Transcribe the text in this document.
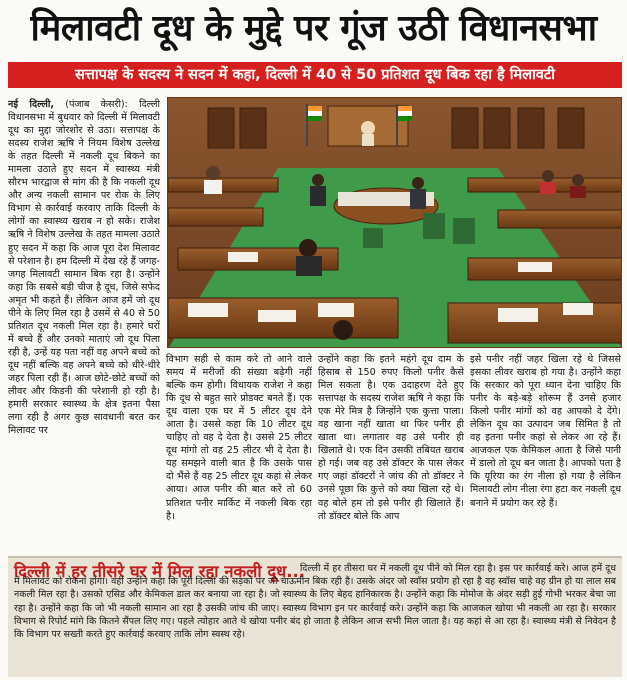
मिलावटी दूध के मुद्दे पर गूंज उठी विधानसभा
सत्तापक्ष के सदस्य ने सदन में कहा, दिल्ली में 40 से 50 प्रतिशत दूध बिक रहा है मिलावटी

नई दिल्ली, (पंजाब केसरी): दिल्ली विधानसभा में बुधवार को दिल्ली में मिलावटी दूध का मुद्दा जोरशोर से उठा। सत्तापक्ष के सदस्य राजेश ऋषि ने नियम विशेष उल्लेख के तहत दिल्ली में नकली दूध बिकने का मामला उठाते हुए सदन में स्वास्थ्य मंत्री सौरभ भारद्वाज से मांग की है कि नकली दूध और अन्य नकली सामान पर रोक के लिए विभाग से कार्रवाई करवाए ताकि दिल्ली के लोगों का स्वास्थ्य खराब न हो सके। राजेश ऋषि ने विशेष उल्लेख के तहत मामला उठाते हुए सदन में कहा कि आज पूरा देश मिलावट से परेशान है। हम दिल्ली में देख रहे हैं जगह-जगह मिलावटी सामान बिक रहा है। उन्होंने कहा कि सबसे बड़ी चीज है दूध, जिसे सफेद अमृत भी कहते हैं। लेकिन आज हमें जो दूध पीने के लिए मिल रहा है उसमें से 40 से 50 प्रतिशत दूध नकली मिल रहा है। हमारे घरों में बच्चे हैं और उनको माताएं जो दूध पिला रही है, उन्हें यह पता नहीं वह अपने बच्चे को दूध नहीं बल्कि वह अपने बच्चे को धीरे-धीरे जहर पिला रही हैं। आज छोटे-छोटे बच्चों को लीवर और किडनी की परेशानी हो रही है। हमारी सरकार स्वास्थ्य के क्षेत्र इतना पैसा लगा रही है अगर कुछ सावधानी बरत कर मिलावट पर

विभाग सही से काम करे तो आने वाले समय में मरीजों की संख्या बढ़ेगी नहीं बल्कि कम होगी। विधायक राजेश ने कहा कि दूध से बहुत सारे प्रोडक्ट बनते हैं। एक दूध वाला एक घर में 5 लीटर दूध देने आता है। उससे कहा कि 10 लीटर दूध चाहिए तो वह दे देता है। उससे 25 लीटर दूध मांगो तो वह 25 लीटर भी दे देता है। यह समझने वाली बात है कि उसके पास दो भैंसे हैं वह 25 लीटर दूध कहां से लेकर आया। आज पनीर की बात करें तो 60 प्रतिशत पनीर मार्किट में नकली बिक रहा है।

उन्होंने कहा कि इतने महंगे दूध दाम के हिसाब से 150 रुपए किलो पनीर कैसे मिल सकता है। एक उदाहरण देते हुए सत्तापक्ष के सदस्य राजेश ऋषि ने कहा कि एक मेरे मित्र है जिन्होंने एक कुत्ता पाला। वह खाना नहीं खाता था फिर पनीर ही खाता था। लगातार वह उसे पनीर ही खिलाते थे। एक दिन उसकी तबियत खराब हो गई। जब वह उसे डॉक्टर के पास लेकर गए जहां डॉक्टरों ने जांच की तो डॉक्टर ने उनसे पूछा कि कुत्ते को क्या खिला रहे थे। वह बोले हम तो इसे पनीर ही खिलाते हैं। तो डॉक्टर बोले कि आप

इसे पनीर नहीं जहर खिला रहे थे जिससे इसका लीवर खराब हो गया है। उन्होंने कहा कि सरकार को पूरा ध्यान देना चाहिए कि पनीर के बड़े-बड़े शोरूम हैं उनसे हजार किलो पनीर मांगों को वह आपको दे देंगे। लेकिन दूध का उत्पादन जब सिमित है तो वह इतना पनीर कहां से लेकर आ रहे हैं। आजकल एक केमिकल आता है जिसे पानी में डालो तो दूध बन जाता है। आपको पता है कि यूरिया का रंग नीला हो गया है लेकिन मिलावटी लोग नीला रंगा हटा कर नकली दूध बनाने में प्रयोग कर रहे हैं।

दिल्ली में हर तीसरे घर में मिल रहा नकली दूध...
दिल्ली में हर तीसरा घर में नकली दूध पीने को मिल रहा है। इस पर कार्रवाई करे। आज हमें दूध में मिलावट को रोकना होगा। वहीं उन्होंने कहा कि पूरी दिल्ली की सड़कों पर जो चाऊमीन बिक रही है। उसके अंदर जो स्वॉस प्रयोग हो रहा है वह स्वॉस चाहे वह ग्रीन हो या लाल सब नकली मिल रहा है। उसको एसिड और केमिकल डाल कर बनाया जा रहा है। जो स्वास्थ्य के लिए बेहद हानिकारक है। उन्होंने कहा कि मोमोज के अंदर सड़ी हुई गोभी भरकर बेचा जा रहा है। उन्होंने कहा कि जो भी नकली सामान आ रहा है उसकी जांच की जाए। स्वास्थ्य विभाग इन पर कार्रवाई करे। उन्होंने कहा कि आजकल खोया भी नकली आ रहा है। सरकार विभाग से रिपोर्ट मांगे कि कितने सैंपल लिए गए। पहले त्योहार आते थे खोया पनीर बंद हो जाता है लेकिन आज सभी मिल जाता है। यह कहां से आ रहा है। स्वास्थ्य मंत्री से निवेदन है कि विभाग पर सख्ती करते हुए कार्रवाई करवाए ताकि लोग स्वस्थ रहे।
